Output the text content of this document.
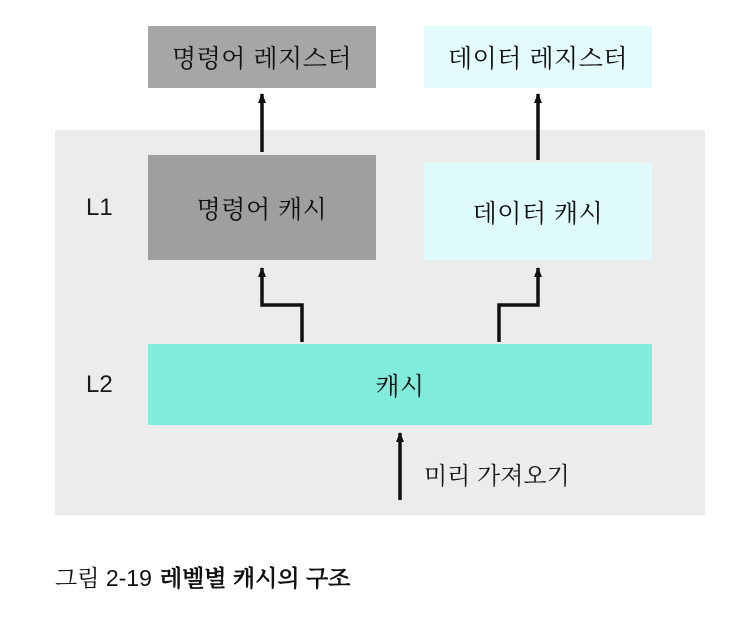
명령어 레지스터	데이터 레지스터
명령어 캐시	데이터 캐시
캐시
L1
L2
미리 가져오기
그림 2-19 레벨별 캐시의 구조
